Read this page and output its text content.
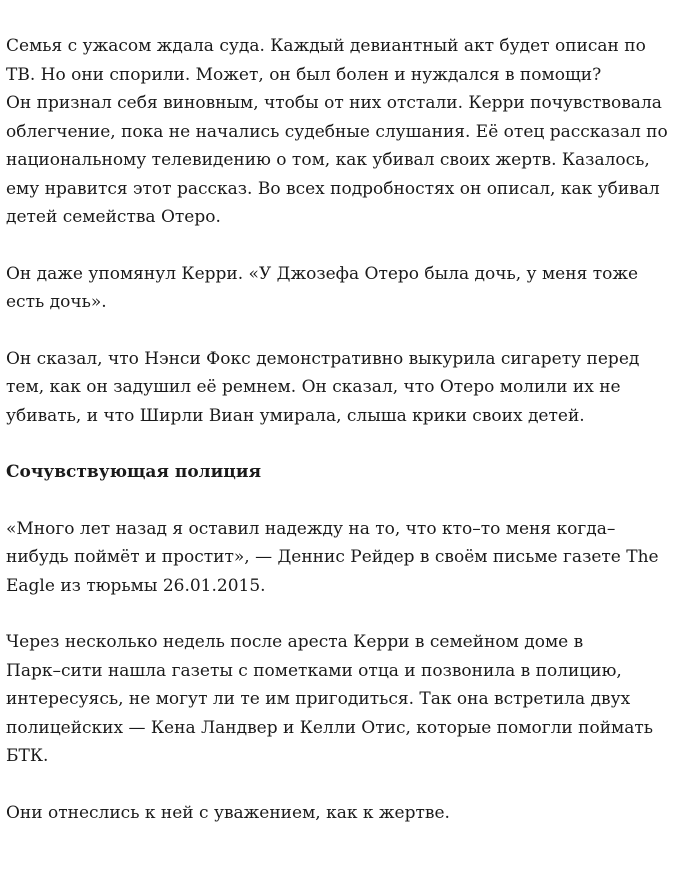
Семья с ужасом ждала суда. Каждый девиантный акт будет описан по
ТВ. Но они спорили. Может, он был болен и нуждался в помощи?
Он признал себя виновным, чтобы от них отстали. Керри почувствовала
облегчение, пока не начались судебные слушания. Её отец рассказал по
национальному телевидению о том, как убивал своих жертв. Казалось,
ему нравится этот рассказ. Во всех подробностях он описал, как убивал
детей семейства Отеро.

Он даже упомянул Керри. «У Джозефа Отеро была дочь, у меня тоже
есть дочь».

Он сказал, что Нэнси Фокс демонстративно выкурила сигарету перед
тем, как он задушил её ремнем. Он сказал, что Отеро молили их не
убивать, и что Ширли Виан умирала, слыша крики своих детей.

Сочувствующая полиция

«Много лет назад я оставил надежду на то, что кто–то меня когда–
нибудь поймёт и простит», — Деннис Рейдер в своём письме газете The
Eagle из тюрьмы 26.01.2015.

Через несколько недель после ареста Керри в семейном доме в
Парк–сити нашла газеты с пометками отца и позвонила в полицию,
интересуясь, не могут ли те им пригодиться. Так она встретила двух
полицейских — Кена Ландвер и Келли Отис, которые помогли поймать
БТК.

Они отнеслись к ней с уважением, как к жертве.
